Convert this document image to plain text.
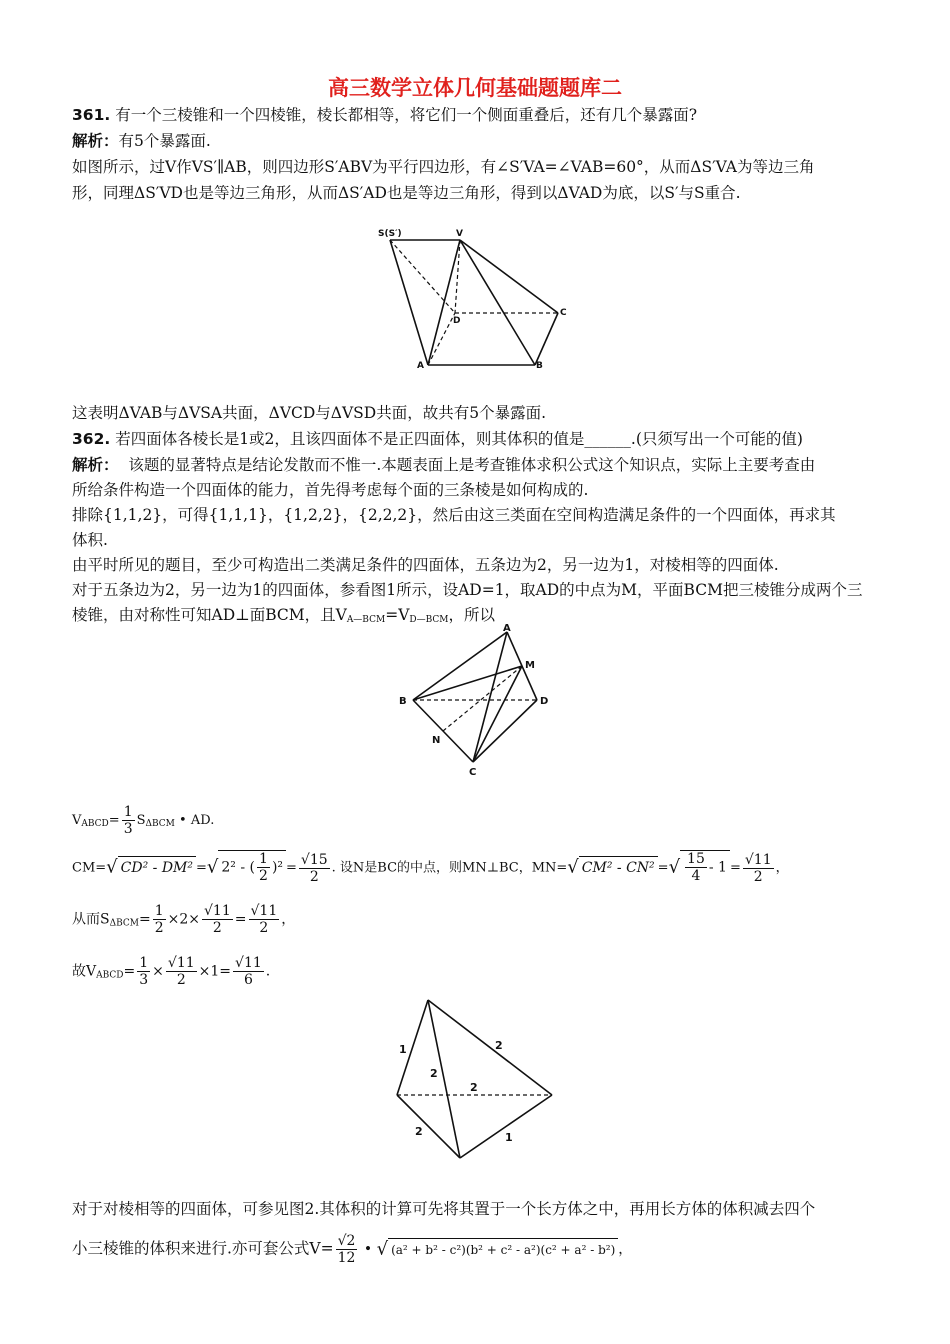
高三数学立体几何基础题题库二
361. 有一个三棱锥和一个四棱锥，棱长都相等，将它们一个侧面重叠后，还有几个暴露面?
解析：有5个暴露面.
如图所示，过V作VS′∥AB，则四边形S′ABV为平行四边形，有∠S′VA=∠VAB=60°，从而ΔS′VA为等边三角
形，同理ΔS′VD也是等边三角形，从而ΔS′AD也是等边三角形，得到以ΔVAD为底，以S′与S重合.
S(S′)	V
D
C
A	B
这表明ΔVAB与ΔVSA共面，ΔVCD与ΔVSD共面，故共有5个暴露面.
362. 若四面体各棱长是1或2，且该四面体不是正四面体，则其体积的值是______.(只须写出一个可能的值)
解析： 该题的显著特点是结论发散而不惟一.本题表面上是考查锥体求积公式这个知识点，实际上主要考查由
所给条件构造一个四面体的能力，首先得考虑每个面的三条棱是如何构成的.
排除{1,1,2}，可得{1,1,1}，{1,2,2}，{2,2,2}，然后由这三类面在空间构造满足条件的一个四面体，再求其
体积.
由平时所见的题目，至少可构造出二类满足条件的四面体，五条边为2，另一边为1，对棱相等的四面体.
对于五条边为2，另一边为1的四面体，参看图1所示，设AD=1，取AD的中点为M，平面BCM把三棱锥分成两个三
棱锥，由对称性可知AD⊥面BCM，且$V_{A—BCM}=V_{D—BCM}$，所以
A
M
B	D
N
C
$V_{ABCD}= \frac{1}{3} S_{\Delta BCM}$ • AD.
CM=√ CD² - DM² =√ 2² - ( $\frac{1}{2} )^2 = \frac{√15}{2}$ . 设N是BC的中点，则MN⊥BC，MN=√ CM² - CN² =√ $\frac{15}{4} - 1 = \frac{√11}{2}$ ，
从而$S_{\Delta BCM}= \frac{1}{2} \times 2\times \frac{√11}{2} = \frac{√11}{2}$ ，
故$V_{ABCD}= \frac{1}{3} \times \frac{√11}{2} \times 1= \frac{√11}{6}$ .
1	2
2
2
2	1
对于对棱相等的四面体，可参见图2.其体积的计算可先将其置于一个长方体之中，再用长方体的体积减去四个
小三棱锥的体积来进行.亦可套公式$V= \frac{√2}{12}$ • √ (a² + b² - c²)(b² + c² - a²)(c² + a² - b²) ，
